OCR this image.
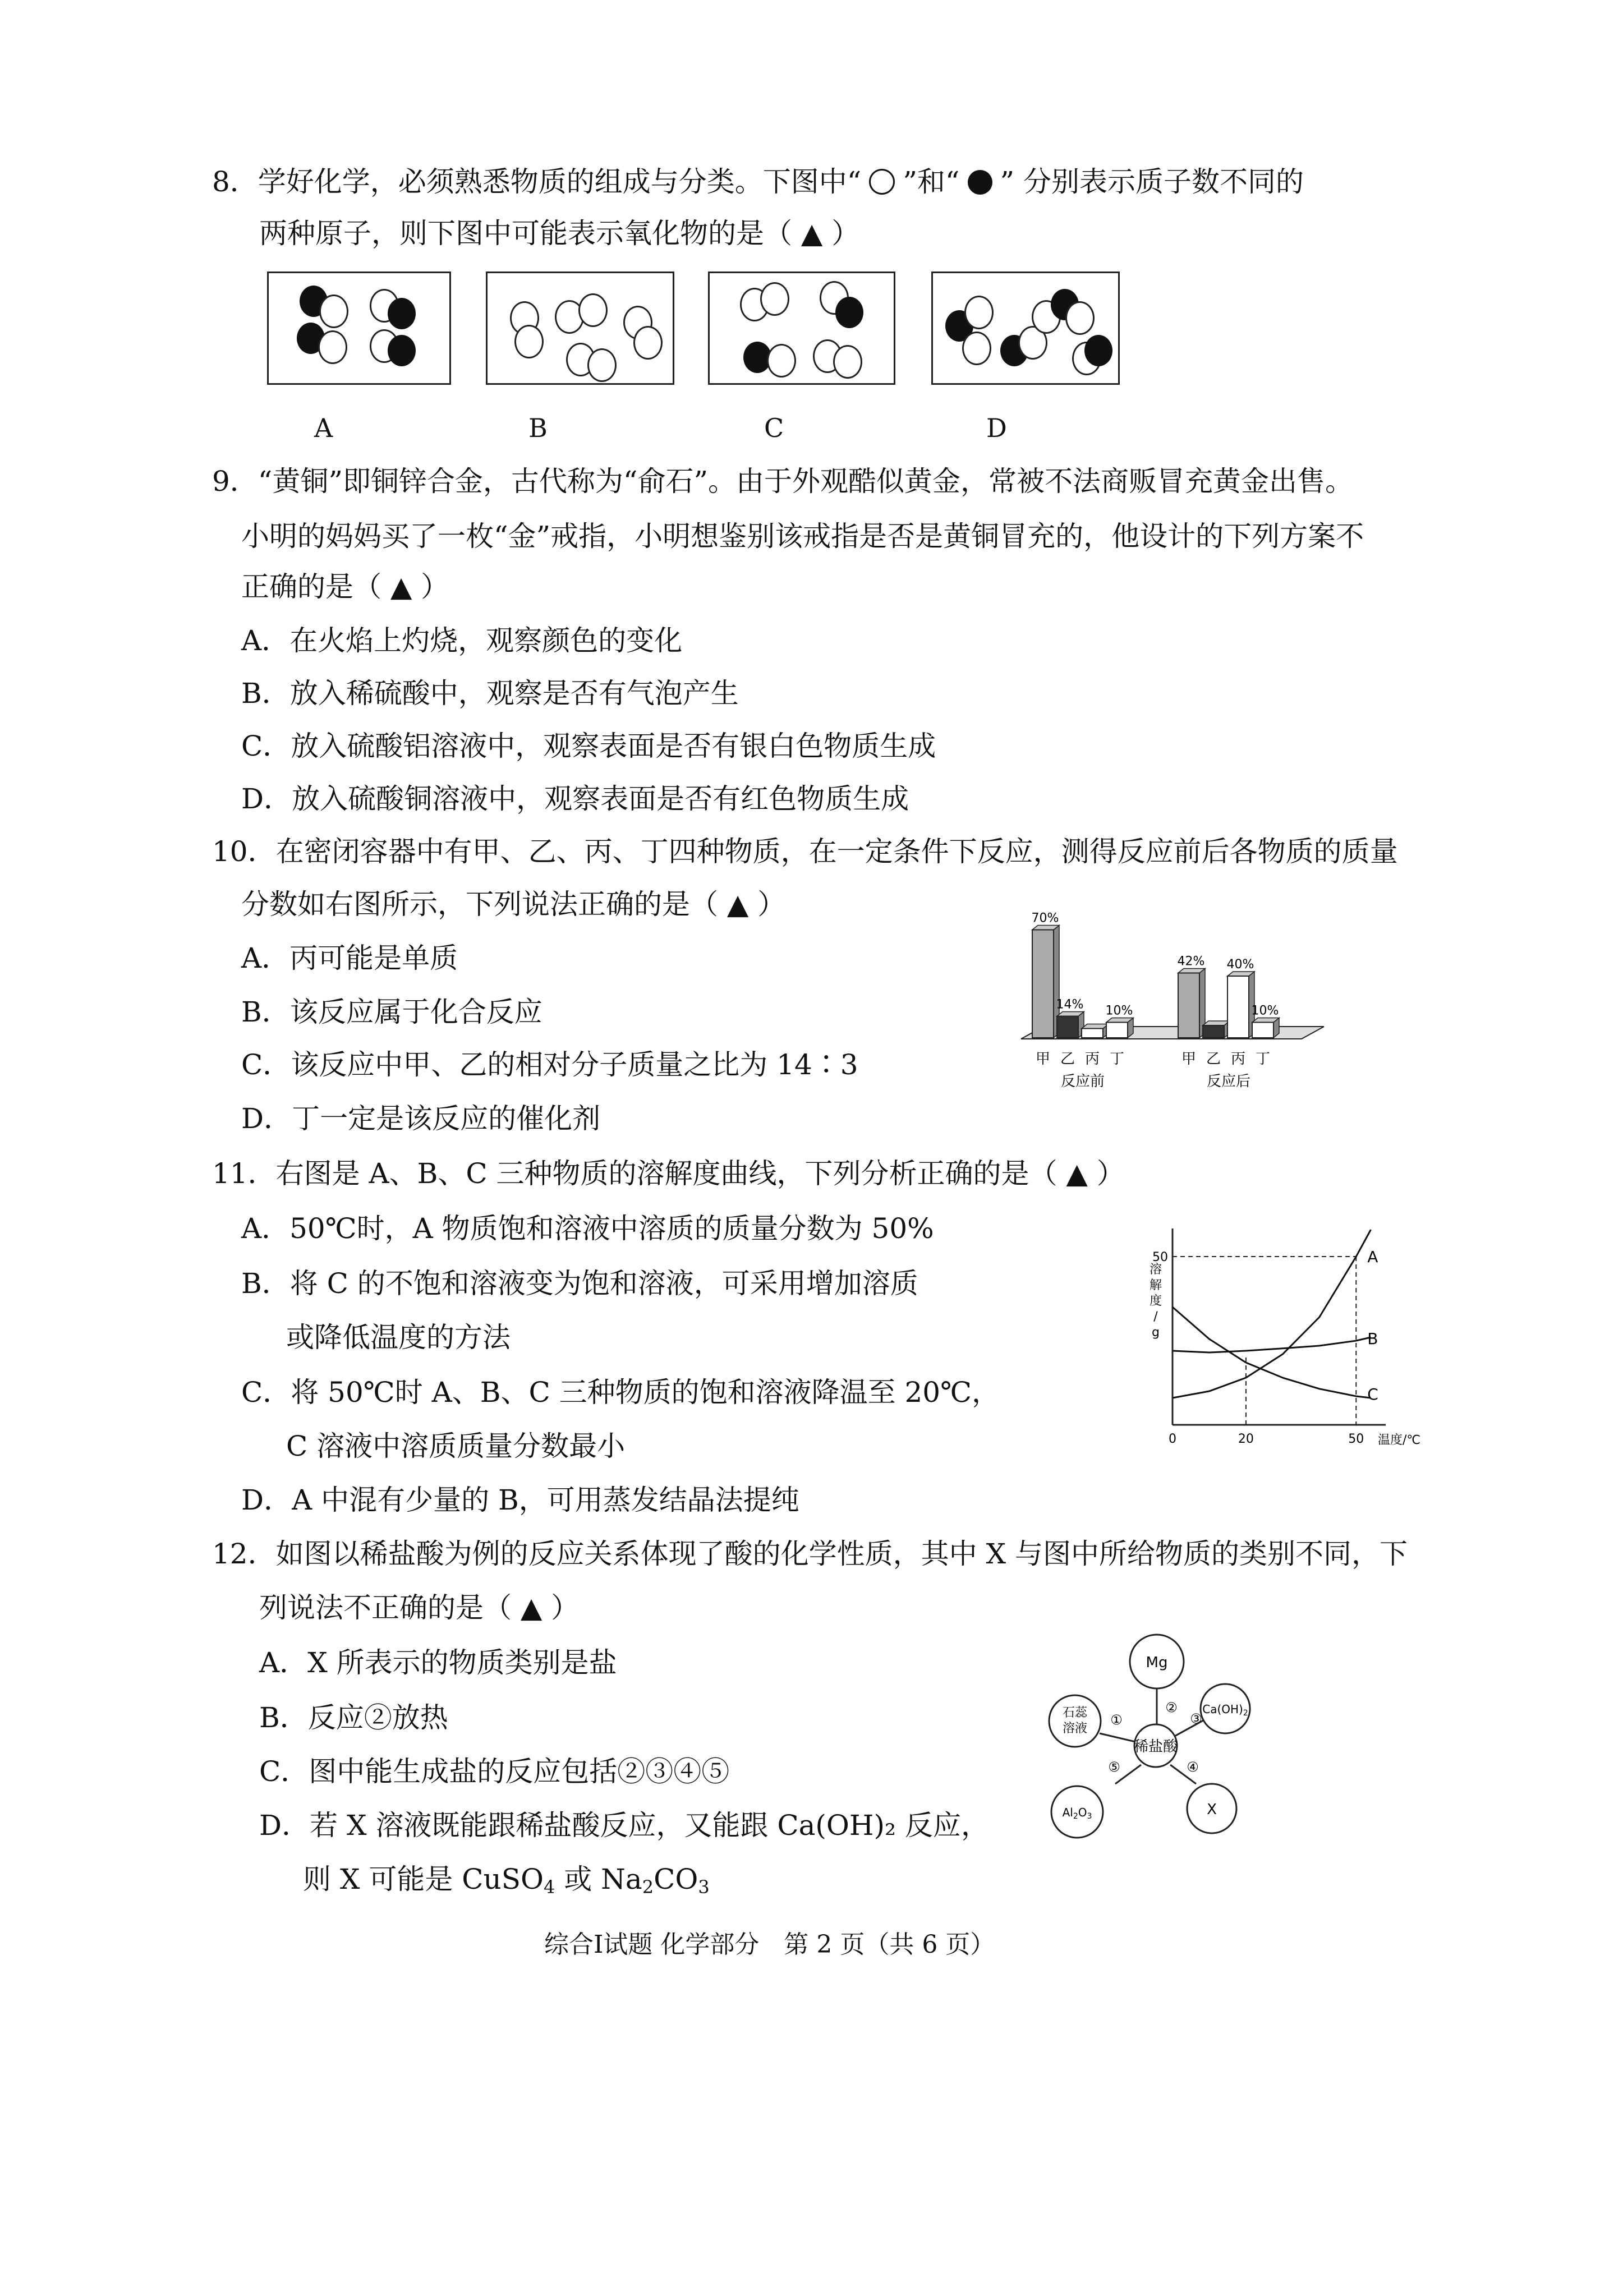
8．学好化学，必须熟悉物质的组成与分类。下图中“ ”和“ ” 分别表示质子数不同的
两种原子，则下图中可能表示氧化物的是（ ▲ ）
A	B	C	D
9．“黄铜”即铜锌合金，古代称为“俞石”。由于外观酷似黄金，常被不法商贩冒充黄金出售。
小明的妈妈买了一枚“金”戒指，小明想鉴别该戒指是否是黄铜冒充的，他设计的下列方案不
正确的是（ ▲ ）
A．在火焰上灼烧，观察颜色的变化
B．放入稀硫酸中，观察是否有气泡产生
C．放入硫酸铝溶液中，观察表面是否有银白色物质生成
D．放入硫酸铜溶液中，观察表面是否有红色物质生成
10．在密闭容器中有甲、乙、丙、丁四种物质，在一定条件下反应，测得反应前后各物质的质量
分数如右图所示，下列说法正确的是（ ▲ ）
A．丙可能是单质
B．该反应属于化合反应
C．该反应中甲、乙的相对分子质量之比为 14∶3
D．丁一定是该反应的催化剂
70%
甲
14%
乙 丙
10%
丁
反应前
42%
甲 乙
40%
丙
10%
丁
反应后
11．右图是 A、B、C 三种物质的溶解度曲线，下列分析正确的是（ ▲ ）
A．50℃时，A 物质饱和溶液中溶质的质量分数为 50%
B．将 C 的不饱和溶液变为饱和溶液，可采用增加溶质
或降低温度的方法
C．将 50℃时 A、B、C 三种物质的饱和溶液降温至 20℃，
C 溶液中溶质质量分数最小
D．A 中混有少量的 B，可用蒸发结晶法提纯
A
B
C
0	20	50
50
温度/℃
溶
解
度
/
g
12．如图以稀盐酸为例的反应关系体现了酸的化学性质，其中 X 与图中所给物质的类别不同，下
列说法不正确的是（ ▲ ）
A．X 所表示的物质类别是盐
B．反应②放热
C．图中能生成盐的反应包括②③④⑤
D．若 X 溶液既能跟稀盐酸反应，又能跟 Ca(OH)₂ 反应，
则 X 可能是 CuSO$_4$ 或 $Na_2CO_3$
稀盐酸
Mg
$Ca(OH)_2$
X
$Al_2O_3$
石蕊
溶液
①
②
③
④
⑤
综合Ⅰ试题 化学部分　第 2 页（共 6 页）
